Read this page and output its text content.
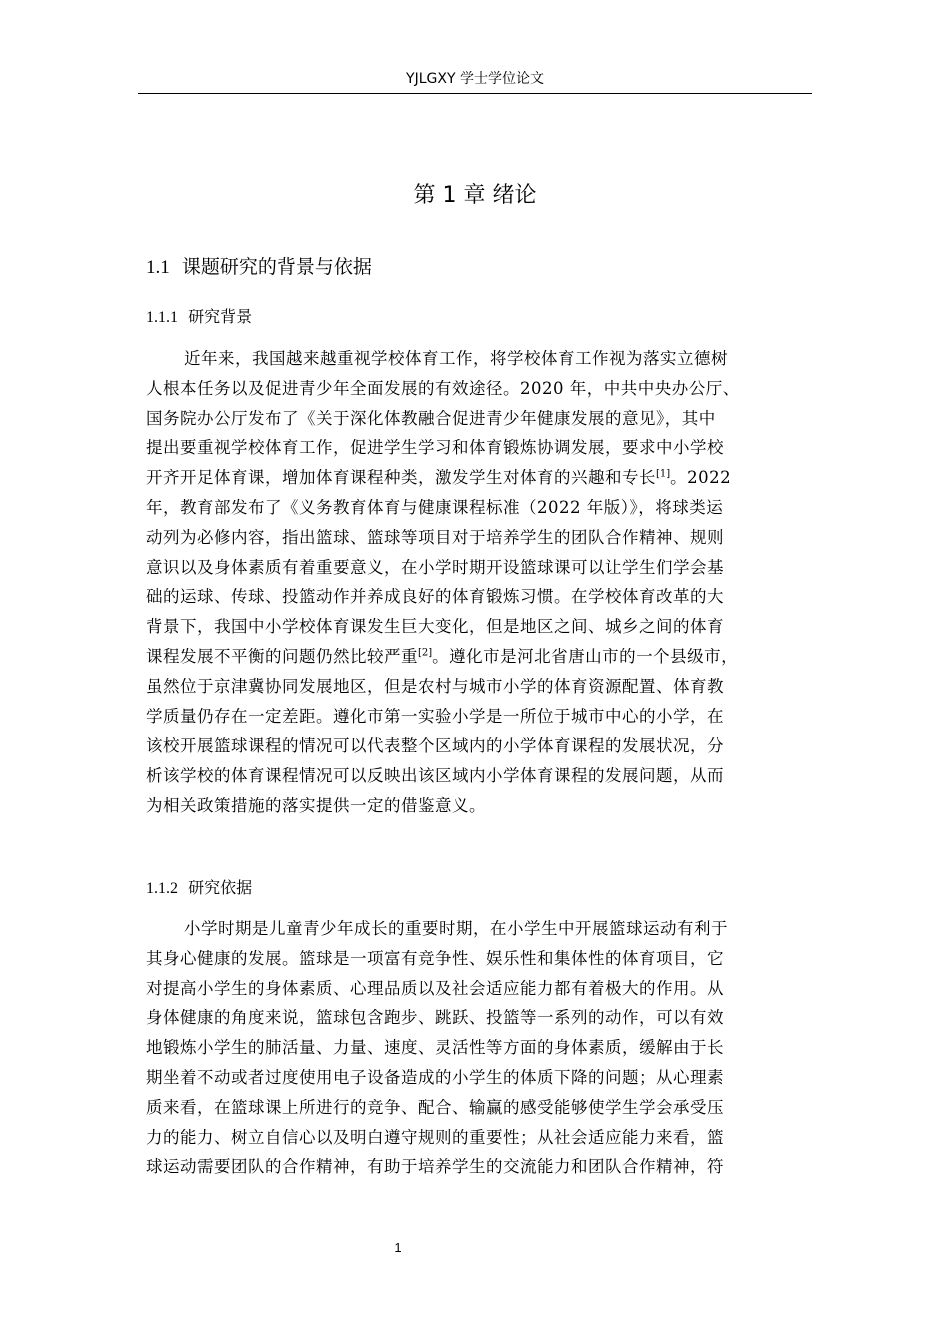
YJLGXY 学士学位论文
第 1 章 绪论
1.1 课题研究的背景与依据
1.1.1 研究背景
近年来，我国越来越重视学校体育工作，将学校体育工作视为落实立德树
人根本任务以及促进青少年全面发展的有效途径。2020 年，中共中央办公厅、
国务院办公厅发布了《关于深化体教融合促进青少年健康发展的意见》，其中
提出要重视学校体育工作，促进学生学习和体育锻炼协调发展，要求中小学校
开齐开足体育课，增加体育课程种类，激发学生对体育的兴趣和专长[1]。2022
年，教育部发布了《义务教育体育与健康课程标准（2022 年版）》，将球类运
动列为必修内容，指出篮球、篮球等项目对于培养学生的团队合作精神、规则
意识以及身体素质有着重要意义，在小学时期开设篮球课可以让学生们学会基
础的运球、传球、投篮动作并养成良好的体育锻炼习惯。在学校体育改革的大
背景下，我国中小学校体育课发生巨大变化，但是地区之间、城乡之间的体育
课程发展不平衡的问题仍然比较严重[2]。遵化市是河北省唐山市的一个县级市，
虽然位于京津冀协同发展地区，但是农村与城市小学的体育资源配置、体育教
学质量仍存在一定差距。遵化市第一实验小学是一所位于城市中心的小学，在
该校开展篮球课程的情况可以代表整个区域内的小学体育课程的发展状况，分
析该学校的体育课程情况可以反映出该区域内小学体育课程的发展问题，从而
为相关政策措施的落实提供一定的借鉴意义。
1.1.2 研究依据
小学时期是儿童青少年成长的重要时期，在小学生中开展篮球运动有利于
其身心健康的发展。篮球是一项富有竞争性、娱乐性和集体性的体育项目，它
对提高小学生的身体素质、心理品质以及社会适应能力都有着极大的作用。从
身体健康的角度来说，篮球包含跑步、跳跃、投篮等一系列的动作，可以有效
地锻炼小学生的肺活量、力量、速度、灵活性等方面的身体素质，缓解由于长
期坐着不动或者过度使用电子设备造成的小学生的体质下降的问题；从心理素
质来看，在篮球课上所进行的竞争、配合、输赢的感受能够使学生学会承受压
力的能力、树立自信心以及明白遵守规则的重要性；从社会适应能力来看，篮
球运动需要团队的合作精神，有助于培养学生的交流能力和团队合作精神，符
1
